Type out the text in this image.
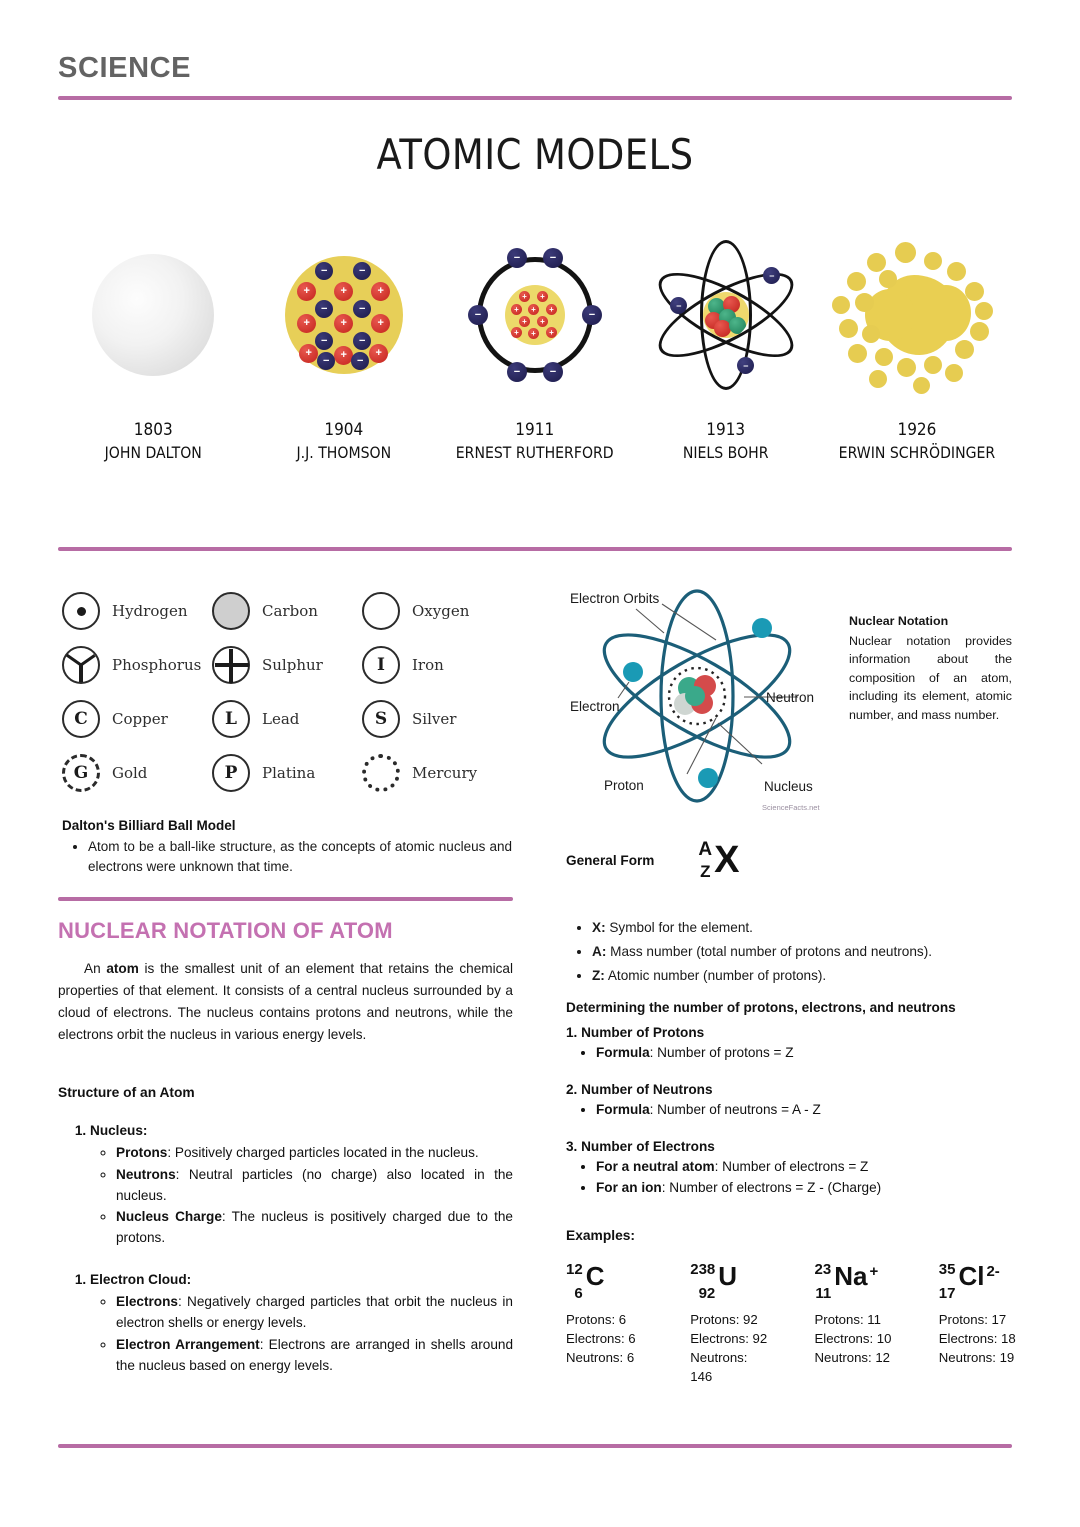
SCIENCE
ATOMIC MODELS
1803
JOHN DALTON
−	−
+	+	+
−	−
+	+	+
−	−
+	+	+
−	−
1904
J.J. THOMSON
+	+
+	+	+
+	+
+	+	+
−	−
−	−
−	−
1911
ERNEST RUTHERFORD
−
−
−
1913
NIELS BOHR
1926
ERWIN SCHRÖDINGER
Hydrogen	Carbon	Oxygen
Phosphorus	Sulphur	I	Iron
C	Copper	L	Lead	S	Silver
G	Gold	P	Platina	Mercury
Dalton's Billiard Ball Model
• Atom to be a ball-like structure, as the concepts of atomic nucleus and electrons were unknown that time.
NUCLEAR NOTATION OF ATOM

An atom is the smallest unit of an element that retains the chemical properties of that element. It consists of a central nucleus surrounded by a cloud of electrons. The nucleus contains protons and neutrons, while the electrons orbit the nucleus in various energy levels.

Structure of an Atom
1. Nucleus:
◦ Protons: Positively charged particles located in the nucleus.
◦ Neutrons: Neutral particles (no charge) also located in the nucleus.
◦ Nucleus Charge: The nucleus is positively charged due to the protons.
1. Electron Cloud:
◦ Electrons: Negatively charged particles that orbit the nucleus in electron shells or energy levels.
◦ Electron Arrangement: Electrons are arranged in shells around the nucleus based on energy levels.
Electron Orbits
Electron
Proton
Neutron
Nucleus
ScienceFacts.net
Nuclear Notation
Nuclear notation provides information about the composition of an atom, including its element, atomic number, and mass number.
General Form A
Z X
• X: Symbol for the element.
• A: Mass number (total number of protons and neutrons).
• Z: Atomic number (number of protons).
Determining the number of protons, electrons, and neutrons
1. Number of Protons
• Formula: Number of protons = Z
2. Number of Neutrons
• Formula: Number of neutrons = A - Z
3. Number of Electrons
• For a neutral atom: Number of electrons = Z
• For an ion: Number of electrons = Z - (Charge)
Examples:
12
6
C
Protons: 6
Electrons: 6
Neutrons: 6
238
92
U
Protons: 92
Electrons: 92
Neutrons: 146
23
11
Na +
Protons: 11
Electrons: 10
Neutrons: 12
35
17
Cl 2-
Protons: 17
Electrons: 18
Neutrons: 19
